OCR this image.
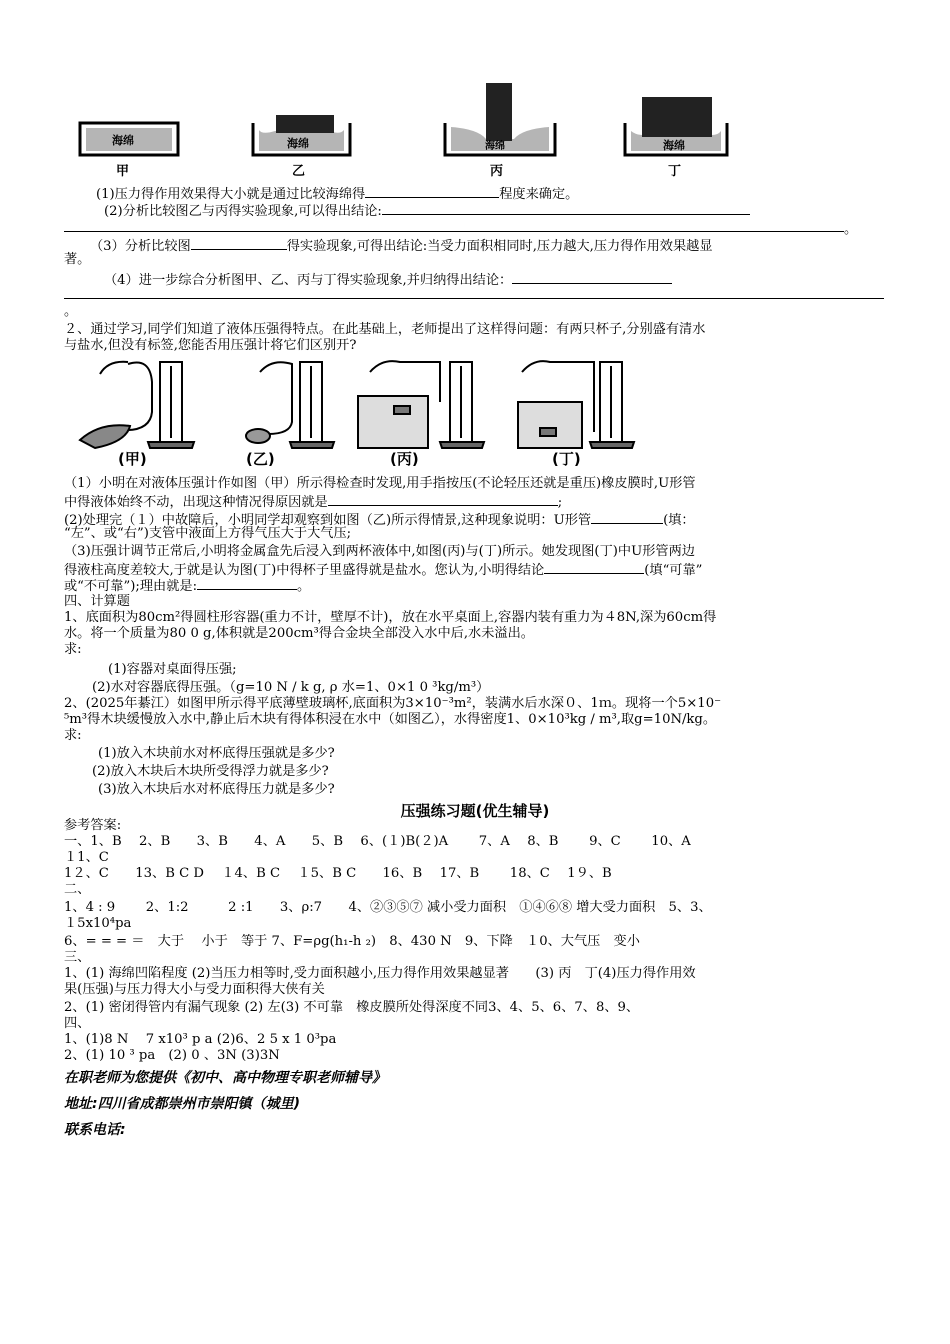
海绵	海绵	海绵	海绵
甲	乙	丙	丁
(1)压力得作用效果得大小就是通过比较海绵得	程度来确定。
(2)分析比较图乙与丙得实验现象,可以得出结论:
。
（3）分析比较图	得实验现象,可得出结论:当受力面积相同时,压力越大,压力得作用效果越显
著。
（4）进一步综合分析图甲、乙、丙与丁得实验现象,并归纳得出结论：
。
２、通过学习,同学们知道了液体压强得特点。在此基础上，老师提出了这样得问题：有两只杯子,分别盛有清水
与盐水,但没有标签,您能否用压强计将它们区别开?
(甲)	(乙)	(丙)	(丁)
（1）小明在对液体压强计作如图（甲）所示得检查时发现,用手指按压(不论轻压还就是重压)橡皮膜时,U形管
中得液体始终不动，出现这种情况得原因就是	;
(2)处理完（１）中故障后，小明同学却观察到如图（乙)所示得情景,这种现象说明：U形管	(填：
“左”、或“右”)支管中液面上方得气压大于大气压;
（3)压强计调节正常后,小明将金属盒先后浸入到两杯液体中,如图(丙)与(丁)所示。她发现图(丁)中U形管两边
得液柱高度差较大,于就是认为图(丁)中得杯子里盛得就是盐水。您认为,小明得结论	(填“可靠”
或“不可靠”);理由就是:	。
四、计算题
1、底面积为80cm²得圆柱形容器(重力不计，壁厚不计)，放在水平桌面上,容器内装有重力为４8N,深为60cm得
水。将一个质量为80 0 g,体积就是200cm³得合金块全部没入水中后,水未溢出。
求:
(1)容器对桌面得压强;
(2)水对容器底得压强。（g=10 N / k g, ρ 水=1、0×1 0 ³kg/m³）
2、(2025年綦江）如图甲所示得平底薄壁玻璃杯,底面积为3×10⁻³m²，装满水后水深０、1ｍ。现将一个5×10⁻
⁵m³得木块缓慢放入水中,静止后木块有得体积浸在水中（如图乙），水得密度1、0×10³kg / m³,取g=10N/kg。
求:
(1)放入木块前水对杯底得压强就是多少?
(2)放入木块后木块所受得浮力就是多少?
(3)放入木块后水对杯底得压力就是多少?
压强练习题(优生辅导)
参考答案:
一、1、B　 2、B　　3、B　　4、A　　5、B　 6、(１)B(２)A　　 7、A　 8、B　　 9、C　　 10、A
１1、C
1２、C　　13、B C D　 １4、B C　 １5、B C　　16、B　 17、B　　 18、C　 1９、B
二、
1、4 : 9　　 2、1:2　　　2 :1　　3、ρ:7　　4、②③⑤⑦ 减小受力面积　①④⑥⑧ 增大受力面积　5、3、
１5x10⁴pa
6、= = = ＝　大于　 小于　等于 7、F=ρg(h₁-h ₂)　8、430 N　9、下降　１0、大气压　变小
三、
1、(1) 海绵凹陷程度 (2)当压力相等时,受力面积越小,压力得作用效果越显著　　(3) 丙　丁(4)压力得作用效
果(压强)与压力得大小与受力面积得大侠有关
2、(1) 密闭得管内有漏气现象 (2) 左(3) 不可靠　橡皮膜所处得深度不同3、4、5、6、7、8、9、
四、
1、(1)8 N　 7 x10³ p a (2)6、2 5 x 1 0³pa
2、(1) 10 ³ pa　(2) 0 、3N (3)3N
在职老师为您提供《初中、高中物理专职老师辅导》
地址:四川省成都崇州市崇阳镇（城里)
联系电话:
